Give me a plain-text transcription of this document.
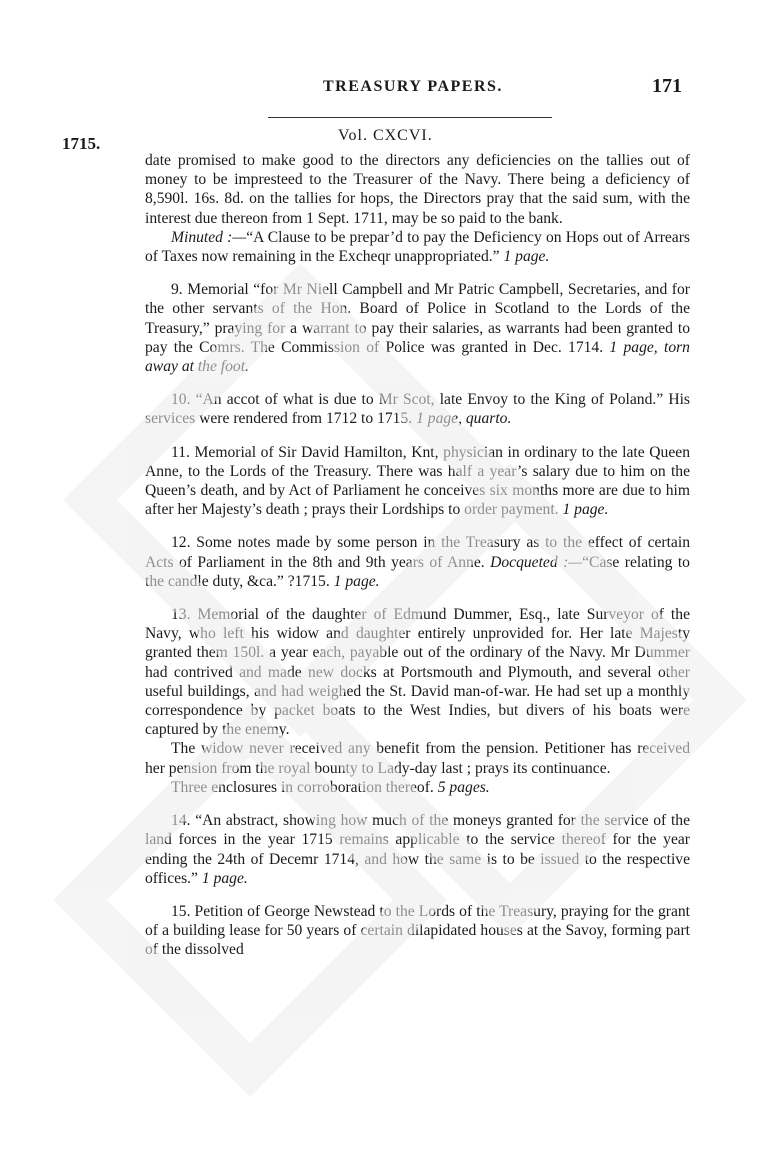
TREASURY PAPERS.	171
1715.	Vol. CXCVI.

date promised to make good to the directors any deficiencies on the tallies out of money to be impresteed to the Treasurer of the Navy. There being a deficiency of 8,590l. 16s. 8d. on the tallies for hops, the Directors pray that the said sum, with the interest due thereon from 1 Sept. 1711, may be so paid to the bank.

Minuted :—“A Clause to be prepar’d to pay the Deficiency on Hops out of Arrears of Taxes now remaining in the Excheqr unappropriated.” 1 page.

9. Memorial “for Mr Niell Campbell and Mr Patric Campbell, Secretaries, and for the other servants of the Hon. Board of Police in Scotland to the Lords of the Treasury,” praying for a warrant to pay their salaries, as warrants had been granted to pay the Comrs. The Commission of Police was granted in Dec. 1714. 1 page, torn away at the foot.

10. “An accot of what is due to Mr Scot, late Envoy to the King of Poland.” His services were rendered from 1712 to 1715. 1 page, quarto.

11. Memorial of Sir David Hamilton, Knt, physician in ordinary to the late Queen Anne, to the Lords of the Treasury. There was half a year’s salary due to him on the Queen’s death, and by Act of Parliament he conceives six months more are due to him after her Majesty’s death ; prays their Lordships to order payment. 1 page.

12. Some notes made by some person in the Treasury as to the effect of certain Acts of Parliament in the 8th and 9th years of Anne. Docqueted :—“Case relating to the candle duty, &ca.” ?1715. 1 page.

13. Memorial of the daughter of Edmund Dummer, Esq., late Surveyor of the Navy, who left his widow and daughter entirely unprovided for. Her late Majesty granted them 150l. a year each, payable out of the ordinary of the Navy. Mr Dummer had contrived and made new docks at Portsmouth and Plymouth, and several other useful buildings, and had weighed the St. David man-of-war. He had set up a monthly correspondence by packet boats to the West Indies, but divers of his boats were captured by the enemy.

The widow never received any benefit from the pension. Petitioner has received her pension from the royal bounty to Lady-day last ; prays its continuance.

Three enclosures in corroboration thereof. 5 pages.

14. “An abstract, showing how much of the moneys granted for the service of the land forces in the year 1715 remains applicable to the service thereof for the year ending the 24th of Decemr 1714, and how the same is to be issued to the respective offices.” 1 page.

15. Petition of George Newstead to the Lords of the Treasury, praying for the grant of a building lease for 50 years of certain dilapidated houses at the Savoy, forming part of the dissolved
